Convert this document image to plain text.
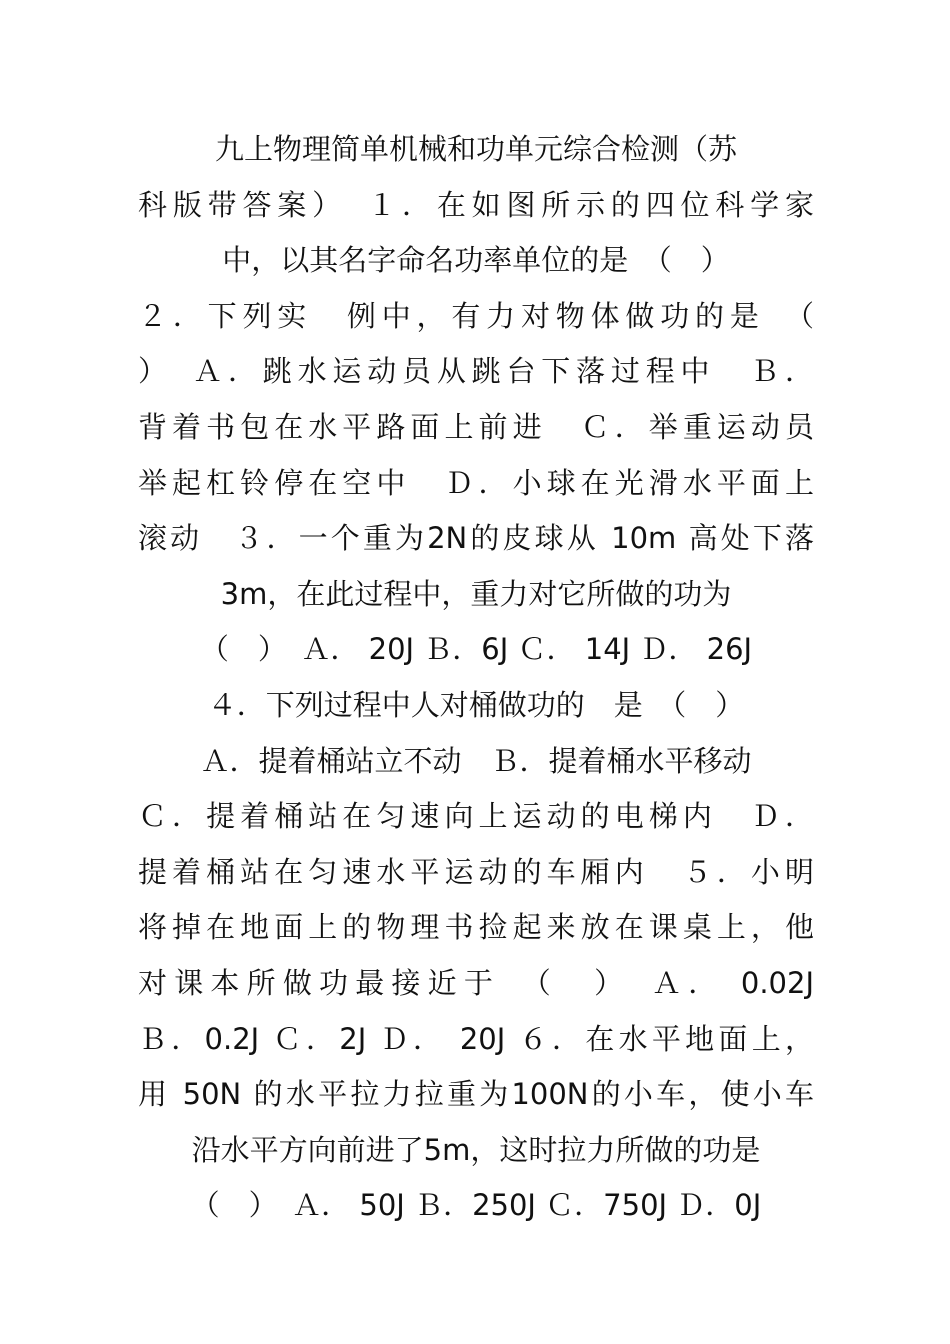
九上物理简单机械和功单元综合检测（苏
科版带答案）　１．在如图所示的四位科学家
中，以其名字命名功率单位的是　（　）
２．下列实　例中，有力对物体做功的是　（
）　Ａ．跳水运动员从跳台下落过程中　Ｂ．
背着书包在水平路面上前进　Ｃ．举重运动员
举起杠铃停在空中　Ｄ．小球在光滑水平面上
滚动　３．一个重为2N的皮球从 10m 高处下落
3m，在此过程中，重力对它所做的功为
（　）　Ａ． 20J Ｂ．6J Ｃ． 14J Ｄ． 26J
４．下列过程中人对桶做功的　是　（　）
Ａ．提着桶站立不动　Ｂ．提着桶水平移动
Ｃ．提着桶站在匀速向上运动的电梯内　Ｄ．
提着桶站在匀速水平运动的车厢内　５．小明
将掉在地面上的物理书捡起来放在课桌上，他
对课本所做功最接近于　（　）　Ａ． 0.02J
Ｂ．0.2J Ｃ．2J Ｄ． 20J ６．在水平地面上，
用 50N 的水平拉力拉重为100N的小车，使小车
沿水平方向前进了5m，这时拉力所做的功是
（　）　Ａ． 50J Ｂ．250J Ｃ．750J Ｄ．0J
